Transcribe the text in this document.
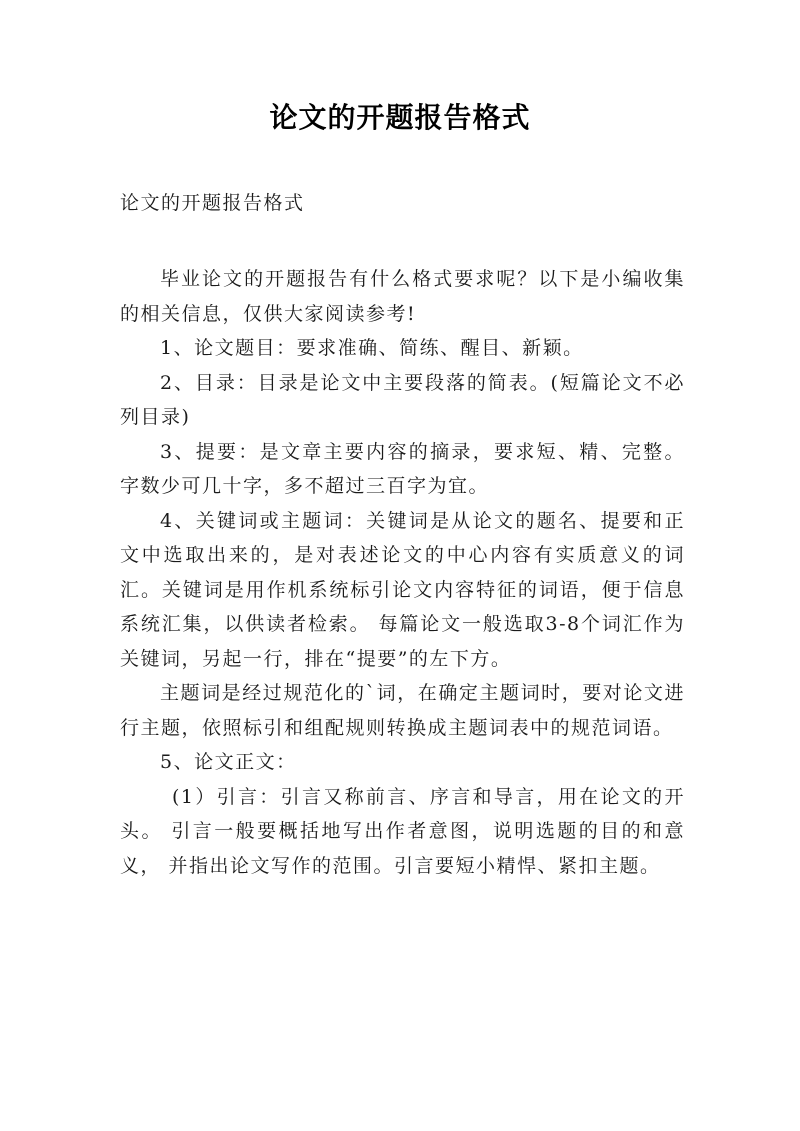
论文的开题报告格式
论文的开题报告格式

毕业论文的开题报告有什么格式要求呢？以下是小编收集的相关信息，仅供大家阅读参考!

1、论文题目：要求准确、简练、醒目、新颖。

2、目录：目录是论文中主要段落的简表。(短篇论文不必列目录)

3、提要：是文章主要内容的摘录，要求短、精、完整。字数少可几十字，多不超过三百字为宜。

4、关键词或主题词：关键词是从论文的题名、提要和正文中选取出来的，是对表述论文的中心内容有实质意义的词汇。关键词是用作机系统标引论文内容特征的词语，便于信息系统汇集，以供读者检索。 每篇论文一般选取3-8个词汇作为关键词，另起一行，排在“提要”的左下方。

主题词是经过规范化的`词，在确定主题词时，要对论文进行主题，依照标引和组配规则转换成主题词表中的规范词语。

5、论文正文：

(1）引言：引言又称前言、序言和导言，用在论文的开头。 引言一般要概括地写出作者意图，说明选题的目的和意义， 并指出论文写作的范围。引言要短小精悍、紧扣主题。
